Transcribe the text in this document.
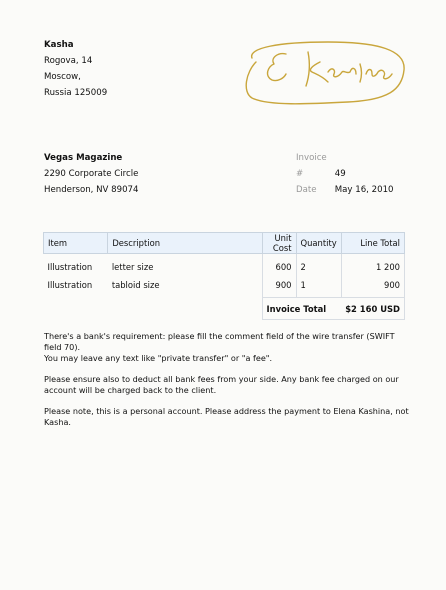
Kasha
Rogova, 14
Moscow,
Russia 125009
Vegas Magazine
2290 Corporate Circle
Henderson, NV 89074
Invoice #	49
Date May 16, 2010
Item	Description	Unit Cost	Quantity	Line Total
Illustration	letter size	600	2	1 200
Illustration	tabloid size	900	1	900
		Invoice Total		$2 160 USD

There's a bank's requirement: please fill the comment field of the wire transfer (SWIFT field 70).
You may leave any text like "private transfer" or "a fee".

Please ensure also to deduct all bank fees from your side. Any bank fee charged on our account will be charged back to the client.

Please note, this is a personal account. Please address the payment to Elena Kashina, not Kasha.
